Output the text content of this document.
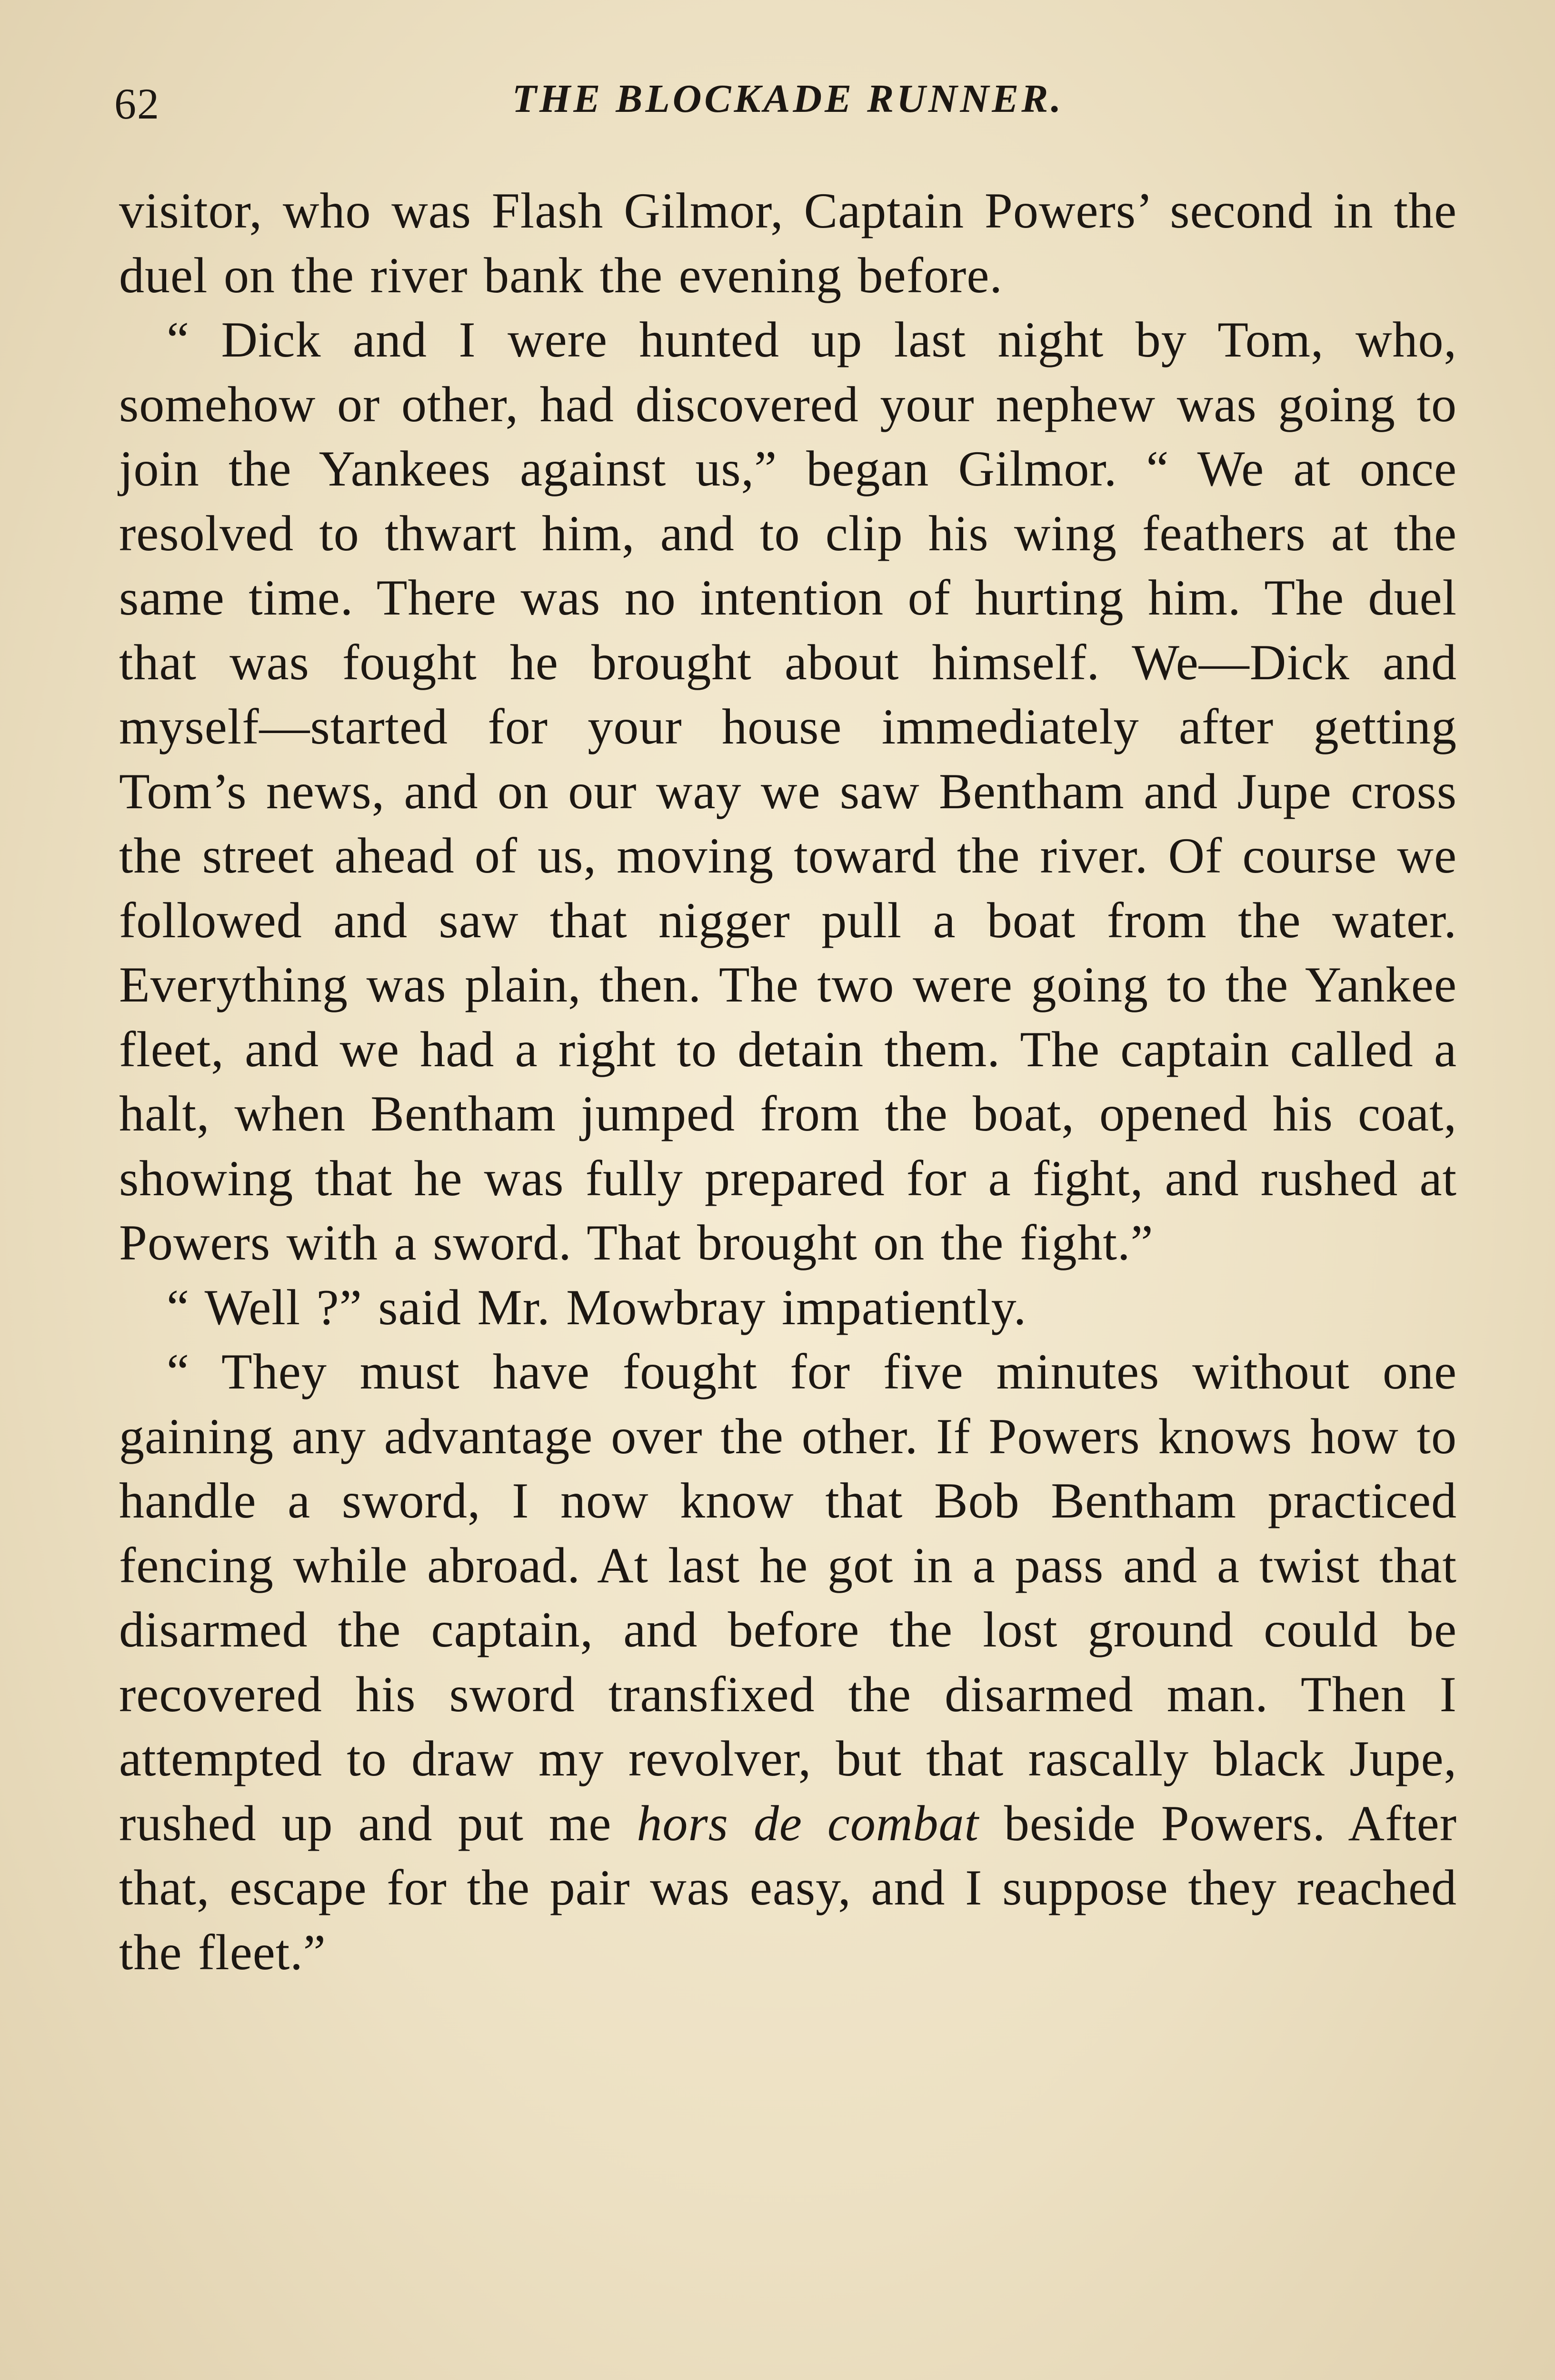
62	THE BLOCKADE RUNNER.

visitor, who was Flash Gilmor, Captain Powers’ second in the duel on the river bank the evening before.

“ Dick and I were hunted up last night by Tom, who, somehow or other, had discovered your nephew was going to join the Yankees against us,” began Gilmor. “ We at once resolved to thwart him, and to clip his wing feathers at the same time. There was no intention of hurting him. The duel that was fought he brought about himself. We—Dick and myself—started for your house immediately after getting Tom’s news, and on our way we saw Bentham and Jupe cross the street ahead of us, moving toward the river. Of course we followed and saw that nigger pull a boat from the water. Everything was plain, then. The two were going to the Yankee fleet, and we had a right to detain them. The captain called a halt, when Bentham jumped from the boat, opened his coat, showing that he was fully prepared for a fight, and rushed at Powers with a sword. That brought on the fight.”

“ Well ?” said Mr. Mowbray impatiently.

“ They must have fought for five minutes without one gaining any advantage over the other. If Powers knows how to handle a sword, I now know that Bob Bentham practiced fencing while abroad. At last he got in a pass and a twist that disarmed the captain, and before the lost ground could be recovered his sword transfixed the disarmed man. Then I attempted to draw my revolver, but that rascally black Jupe, rushed up and put me hors de combat beside Powers. After that, escape for the pair was easy, and I suppose they reached the fleet.”
